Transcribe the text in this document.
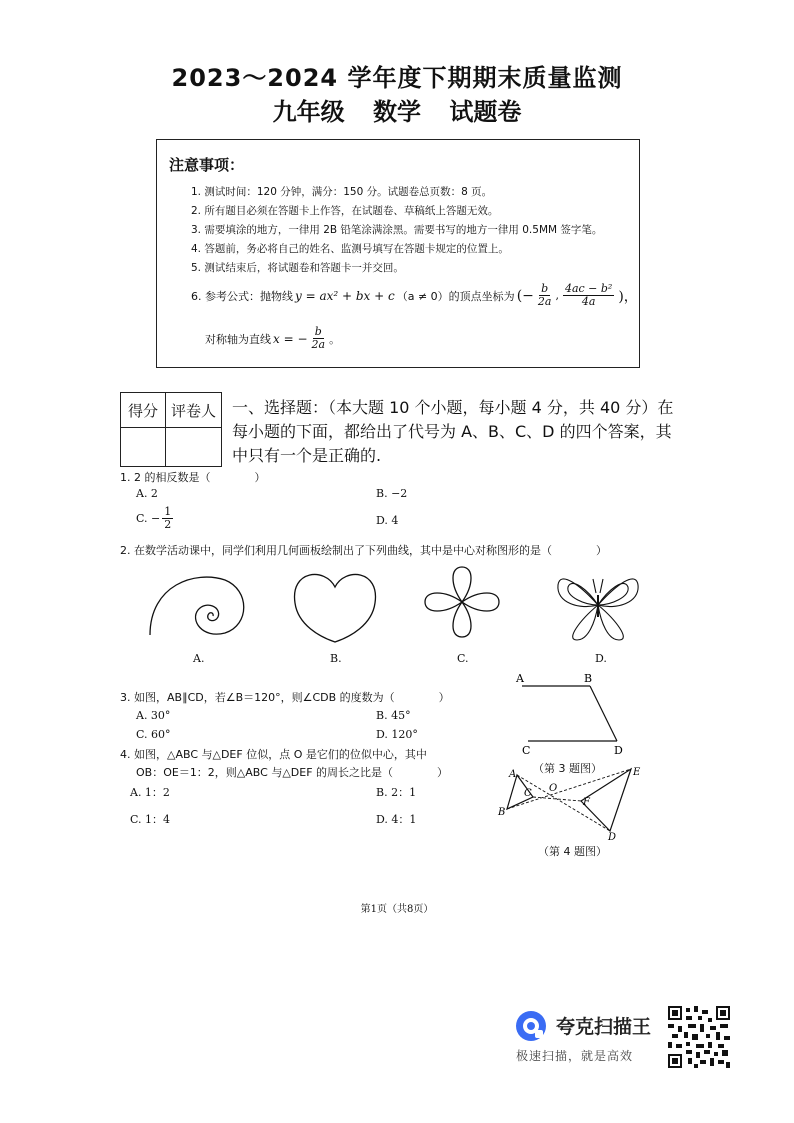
2023～2024 学年度下期期末质量监测
九年级 数学 试题卷
注意事项：
1. 测试时间：120 分钟，满分：150 分。试题卷总页数：8 页。
2. 所有题目必须在答题卡上作答，在试题卷、草稿纸上答题无效。
3. 需要填涂的地方，一律用 2B 铅笔涂满涂黑。需要书写的地方一律用 0.5MM 签字笔。
4. 答题前，务必将自己的姓名、监测号填写在答题卡规定的位置上。
5. 测试结束后，将试题卷和答题卡一并交回。
6. 参考公式：抛物线 y = ax² + bx + c （a ≠ 0）的顶点坐标为 (− $\frac{b}{2a}$ , $\frac{\text{4ac − b²}}{4a}$ )，
对称轴为直线 x = − $\frac{b}{2a}$ 。
得分	评卷人
	一、选择题：（本大题 10 个小题，每小题 4 分，共 40 分）在每小题的下面，都给出了代号为 A、B、C、D 的四个答案，其中只有一个是正确的.
1. 2 的相反数是（　　　　）
A. 2	B. −2
C. − $\frac{1}{2}$	D. 4
2. 在数学活动课中，同学们利用几何画板绘制出了下列曲线，其中是中心对称图形的是（　　　　）
A.	B.	C.	D.
3. 如图，AB∥CD，若∠B＝120°，则∠CDB 的度数为（　　　　）
A. 30°	B. 45°
C. 60°	D. 120°
A	B
C	D
（第 3 题图）
4. 如图，△ABC 与△DEF 位似，点 O 是它们的位似中心，其中
OB：OE＝1：2，则△ABC 与△DEF 的周长之比是（　　　　）
A. 1：2	B. 2：1
C. 1：4	D. 4：1
A
B
C O
F
E
D
（第 4 题图）
第1页（共8页）
夸克扫描王
极速扫描，就是高效
